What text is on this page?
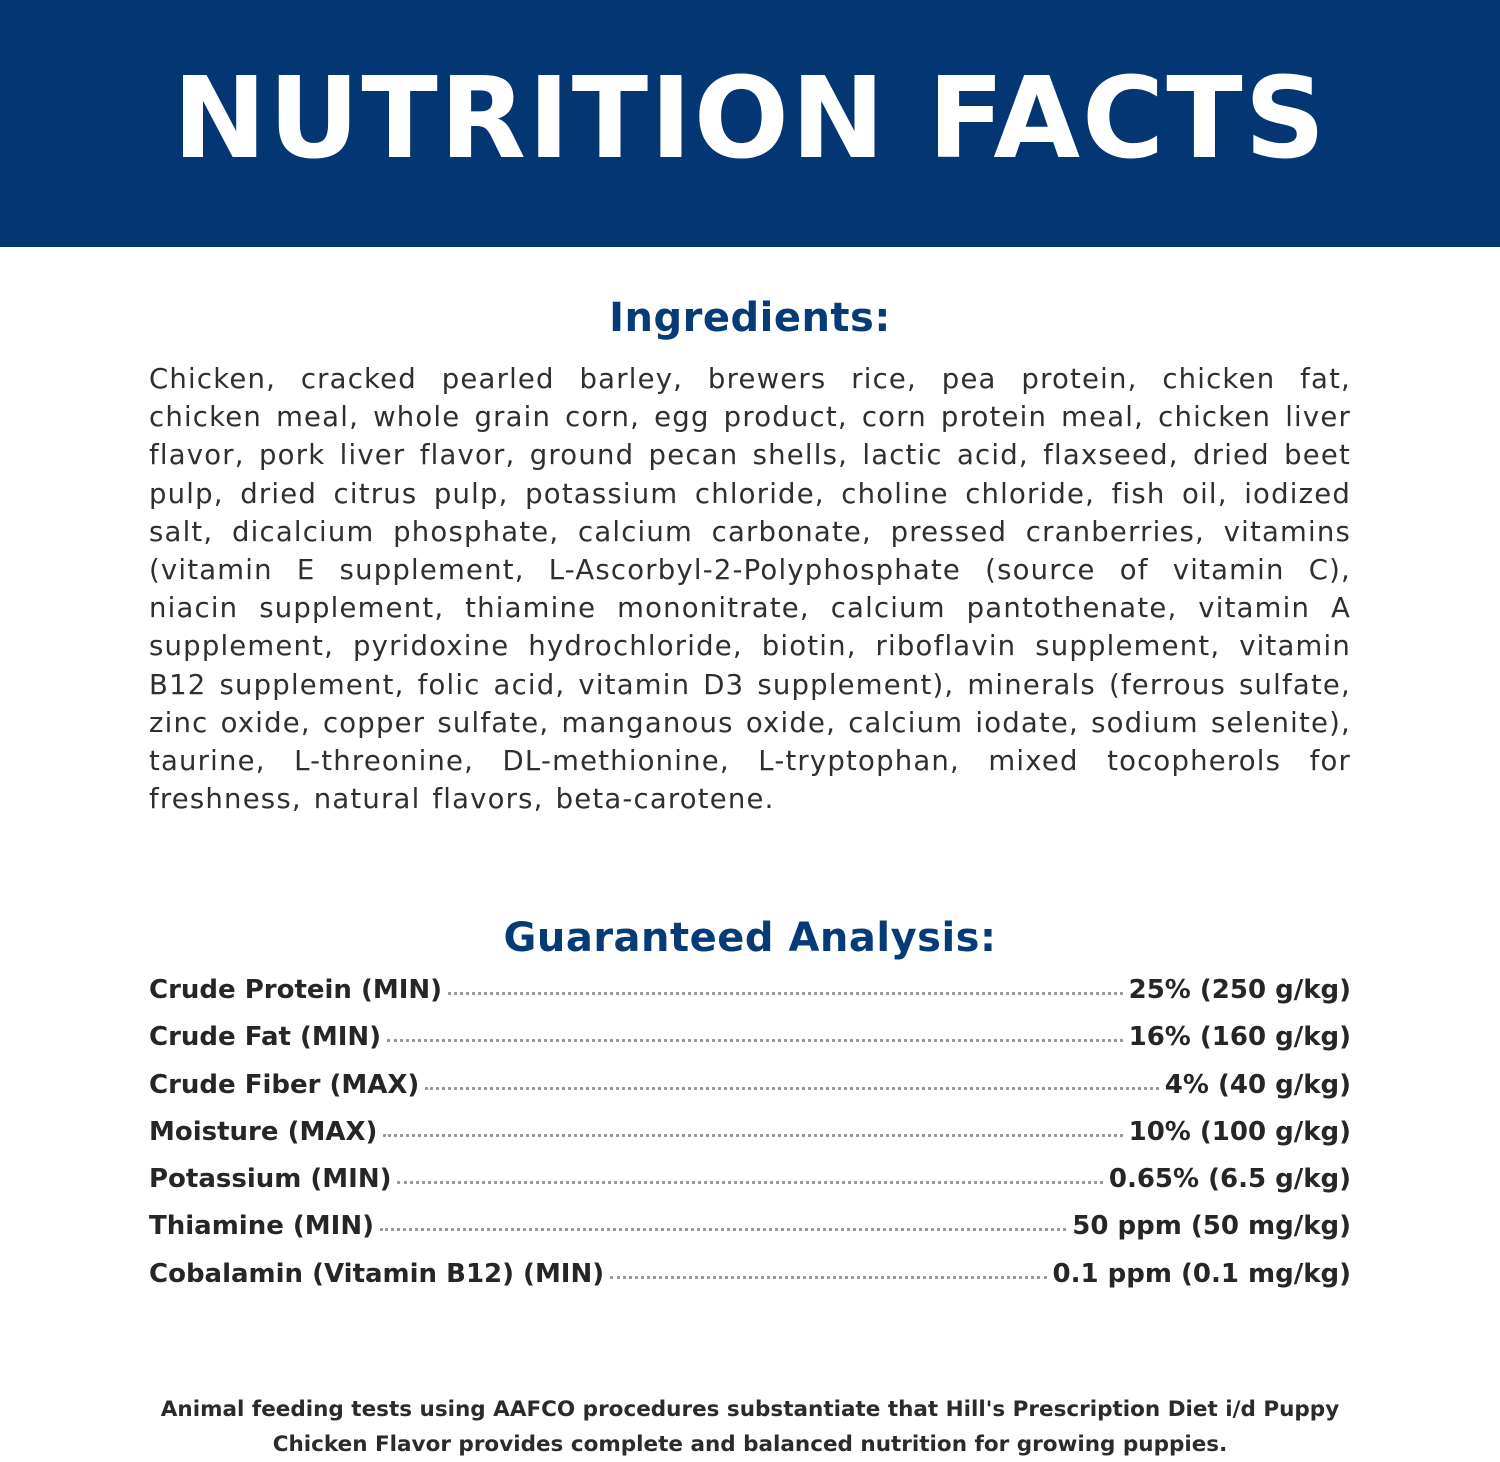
NUTRITION FACTS
Ingredients:
Chicken, cracked pearled barley, brewers rice, pea protein, chicken fat, chicken meal, whole grain corn, egg product, corn protein meal, chicken liver flavor, pork liver flavor, ground pecan shells, lactic acid, flaxseed, dried beet pulp, dried citrus pulp, potassium chloride, choline chloride, fish oil, iodized salt, dicalcium phosphate, calcium carbonate, pressed cranberries, vitamins (vitamin E supplement, L-Ascorbyl-2-Polyphosphate (source of vitamin C), niacin supplement, thiamine mononitrate, calcium pantothenate, vitamin A supplement, pyridoxine hydrochloride, biotin, riboflavin supplement, vitamin B12 supplement, folic acid, vitamin D3 supplement), minerals (ferrous sulfate, zinc oxide, copper sulfate, manganous oxide, calcium iodate, sodium selenite), taurine, L-threonine, DL-methionine, L-tryptophan, mixed tocopherols for freshness, natural flavors, beta-carotene.
Guaranteed Analysis:
Crude Protein (MIN)	25% (250 g/kg)
Crude Fat (MIN)	16% (160 g/kg)
Crude Fiber (MAX)	4% (40 g/kg)
Moisture (MAX)	10% (100 g/kg)
Potassium (MIN)	0.65% (6.5 g/kg)
Thiamine (MIN)	50 ppm (50 mg/kg)
Cobalamin (Vitamin B12) (MIN)	0.1 ppm (0.1 mg/kg)
Animal feeding tests using AAFCO procedures substantiate that Hill's Prescription Diet i/d Puppy
Chicken Flavor provides complete and balanced nutrition for growing puppies.
